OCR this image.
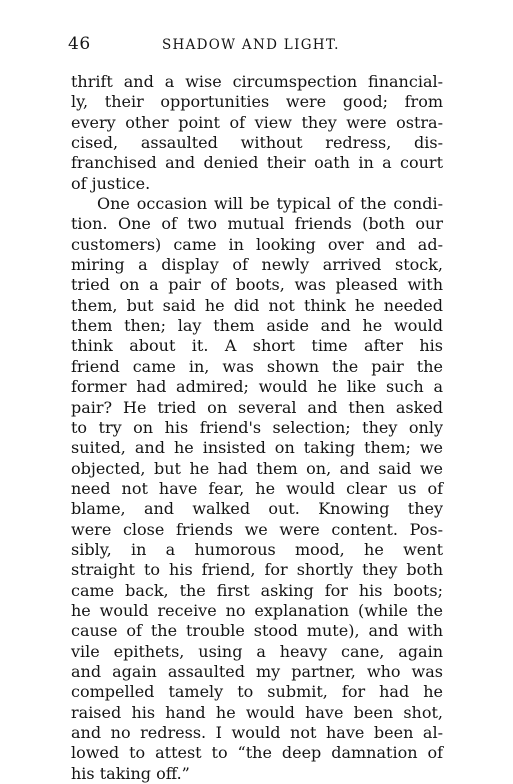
46	SHADOW AND LIGHT.
thrift and a wise circumspection financial-
ly, their opportunities were good; from
every other point of view they were ostra-
cised, assaulted without redress, dis-
franchised and denied their oath in a court
of justice.
One occasion will be typical of the condi-
tion. One of two mutual friends (both our
customers) came in looking over and ad-
miring a display of newly arrived stock,
tried on a pair of boots, was pleased with
them, but said he did not think he needed
them then; lay them aside and he would
think about it. A short time after his
friend came in, was shown the pair the
former had admired; would he like such a
pair? He tried on several and then asked
to try on his friend's selection; they only
suited, and he insisted on taking them; we
objected, but he had them on, and said we
need not have fear, he would clear us of
blame, and walked out. Knowing they
were close friends we were content. Pos-
sibly, in a humorous mood, he went
straight to his friend, for shortly they both
came back, the first asking for his boots;
he would receive no explanation (while the
cause of the trouble stood mute), and with
vile epithets, using a heavy cane, again
and again assaulted my partner, who was
compelled tamely to submit, for had he
raised his hand he would have been shot,
and no redress. I would not have been al-
lowed to attest to “the deep damnation of
his taking off.”
